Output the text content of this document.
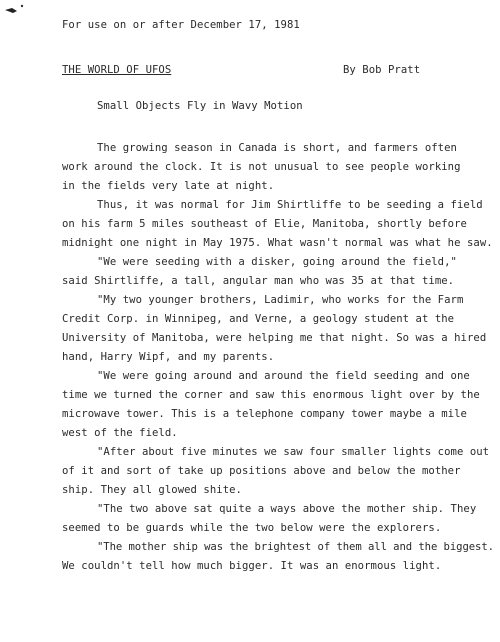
For use on or after December 17, 1981
THE WORLD OF UFOS	By Bob Pratt
Small Objects Fly in Wavy Motion
The growing season in Canada is short, and farmers often
work around the clock. It is not unusual to see people working
in the fields very late at night.
Thus, it was normal for Jim Shirtliffe to be seeding a field
on his farm 5 miles southeast of Elie, Manitoba, shortly before
midnight one night in May 1975. What wasn't normal was what he saw.
"We were seeding with a disker, going around the field,"
said Shirtliffe, a tall, angular man who was 35 at that time.
"My two younger brothers, Ladimir, who works for the Farm
Credit Corp. in Winnipeg, and Verne, a geology student at the
University of Manitoba, were helping me that night. So was a hired
hand, Harry Wipf, and my parents.
"We were going around and around the field seeding and one
time we turned the corner and saw this enormous light over by the
microwave tower. This is a telephone company tower maybe a mile
west of the field.
"After about five minutes we saw four smaller lights come out
of it and sort of take up positions above and below the mother
ship. They all glowed shite.
"The two above sat quite a ways above the mother ship. They
seemed to be guards while the two below were the explorers.
"The mother ship was the brightest of them all and the biggest.
We couldn't tell how much bigger. It was an enormous light.
